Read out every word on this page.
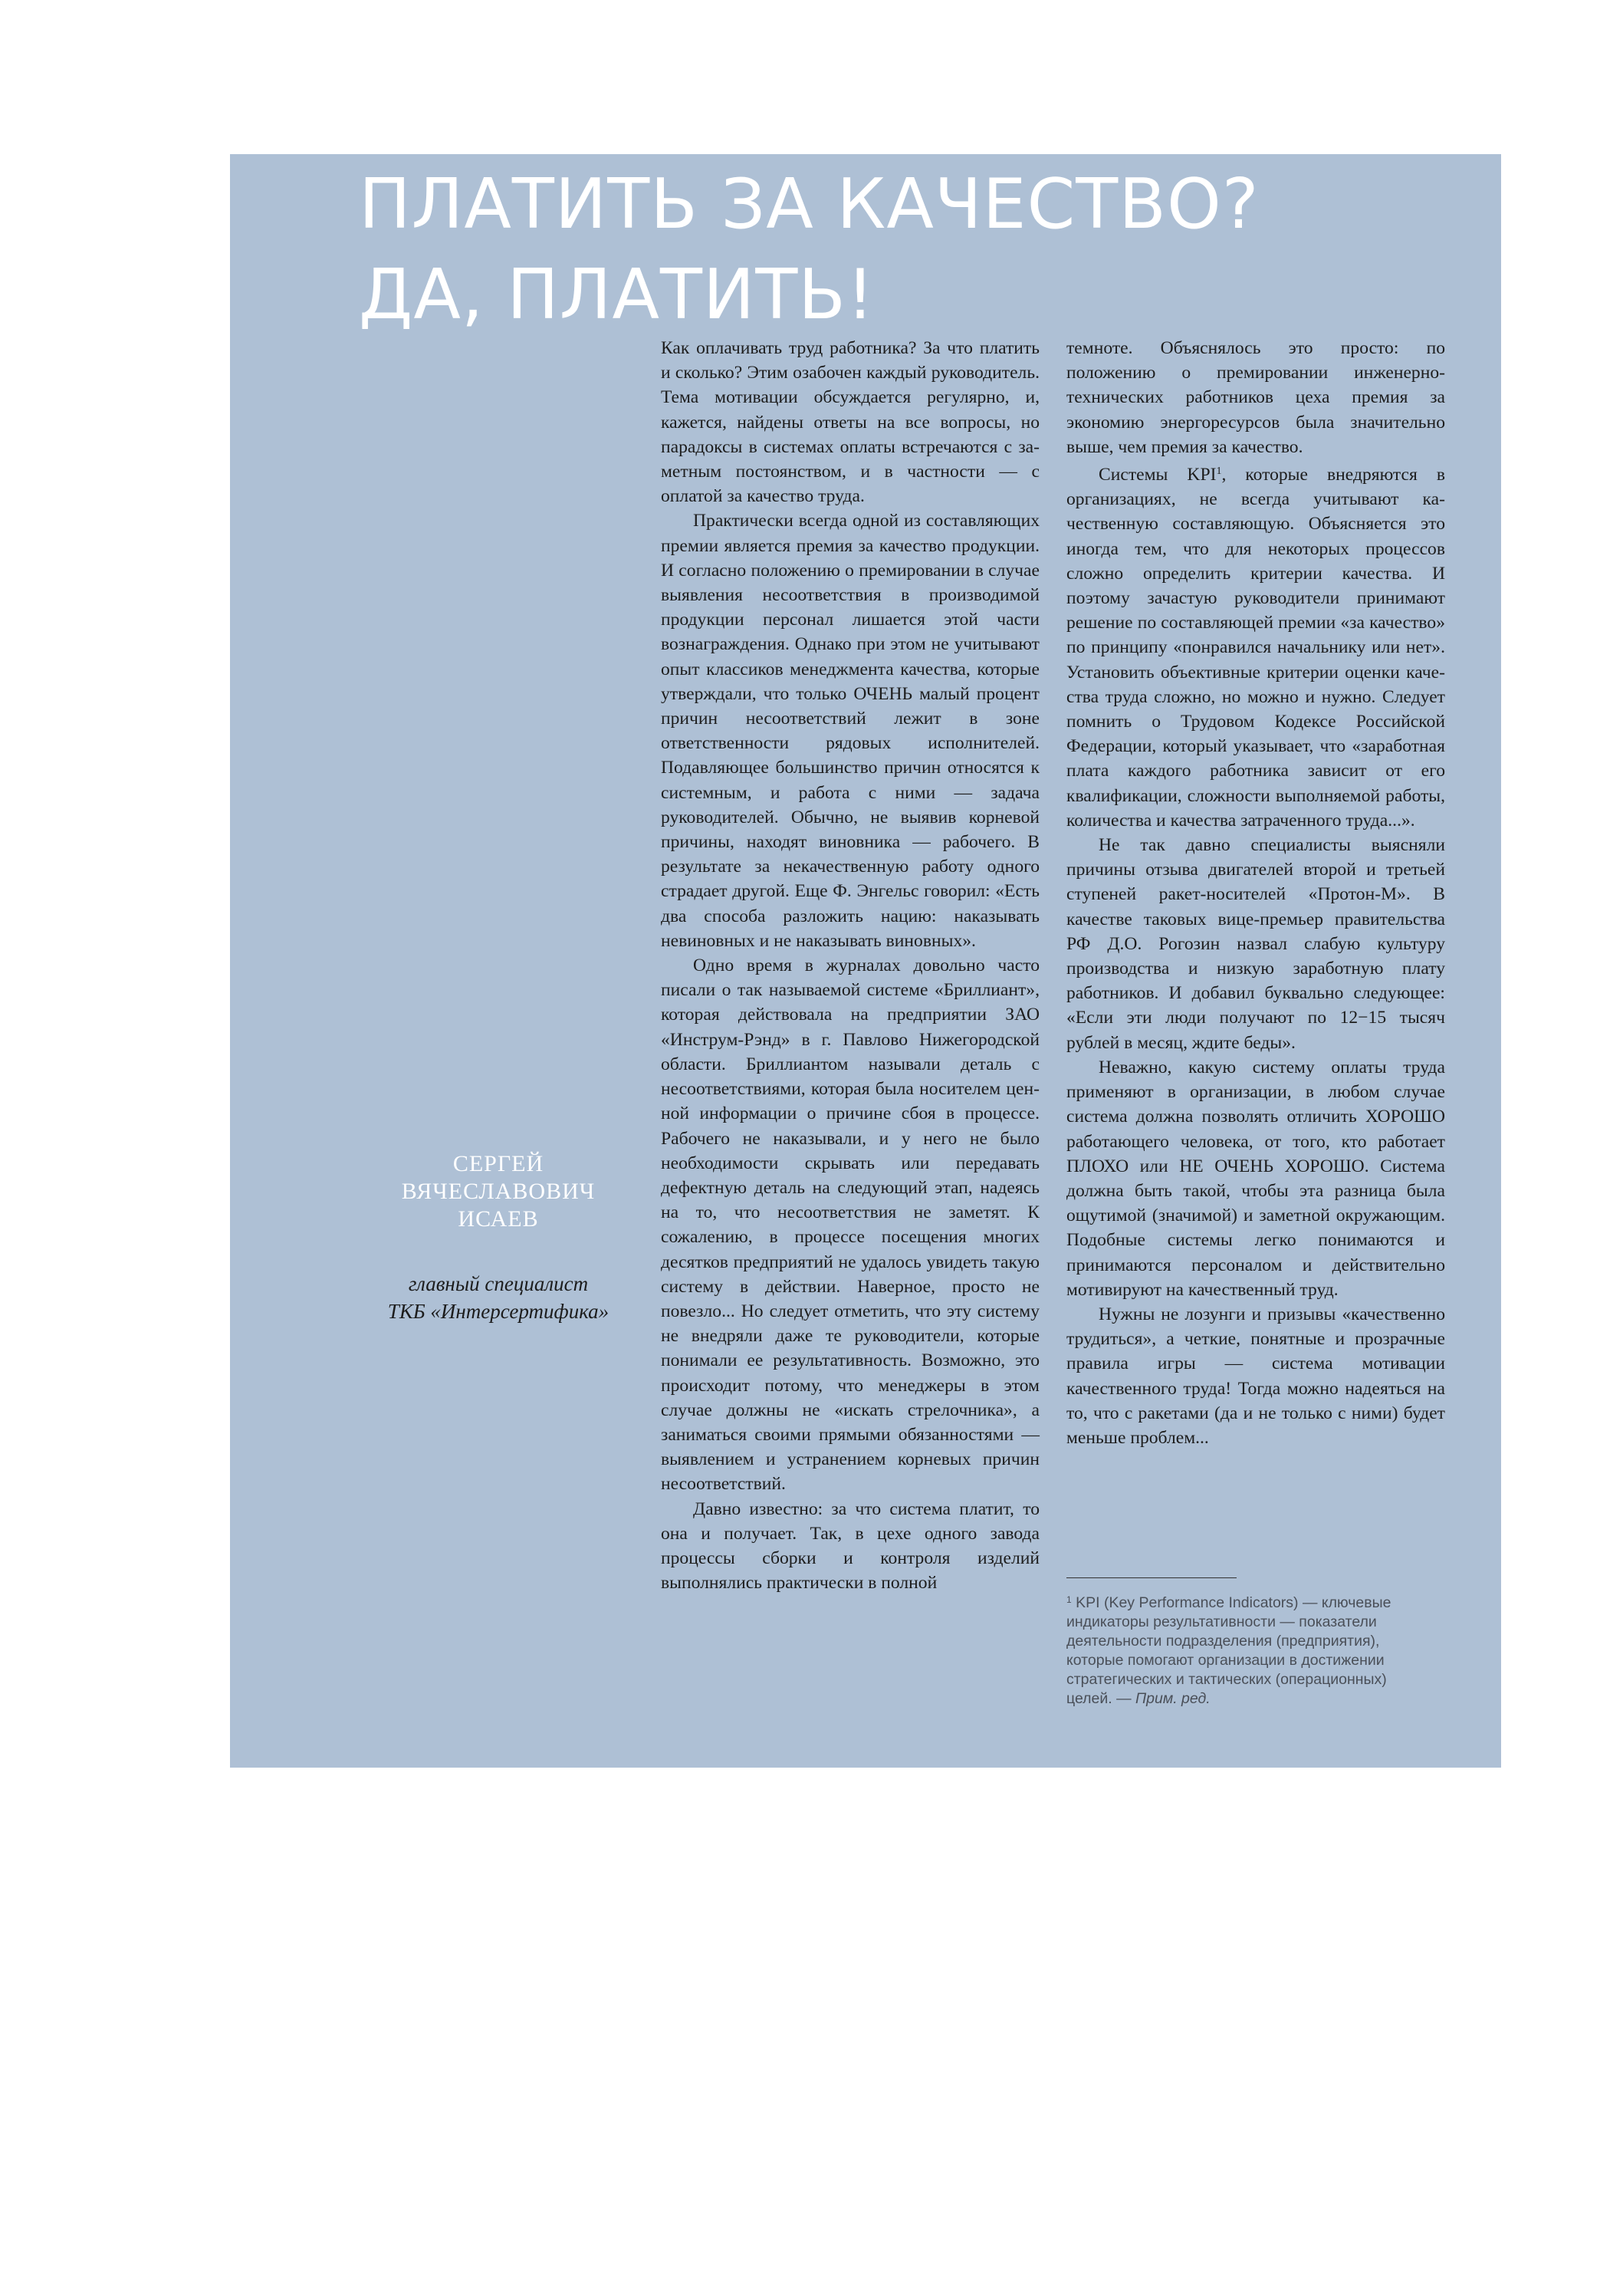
ПЛАТИТЬ ЗА КАЧЕСТВО?
ДА, ПЛАТИТЬ!

СЕРГЕЙ
ВЯЧЕСЛАВОВИЧ
ИСАЕВ

главный специалист
ТКБ «Интерсертифика»

Как оплачивать труд работника? За что платить и сколько? Этим озабочен каждый руководитель. Тема мотивации обсуждается регулярно, и, кажется, найдены ответы на все вопросы, но парадоксы в системах оплаты встречаются с заметным постоянством, и в частности — с оплатой за качество труда.

Практически всегда одной из составляющих премии является премия за качество продукции. И согласно положению о премировании в случае выявления несоответствия в производимой продукции персонал лишается этой части вознаграждения. Однако при этом не учитывают опыт классиков менеджмента качества, которые утверждали, что только ОЧЕНЬ малый процент причин несоответствий лежит в зоне ответственности рядовых исполнителей. Подавляющее большинство причин относятся к системным, и работа с ними — задача руководителей. Обычно, не выявив корневой причины, находят виновника — рабочего. В результате за некачественную работу одного страдает другой. Еще Ф. Энгельс говорил: «Есть два способа разложить нацию: наказывать невиновных и не наказывать виновных».

Одно время в журналах довольно часто писали о так называемой системе «Бриллиант», которая действовала на предприятии ЗАО «Инструм-Рэнд» в г. Павлово Нижегородской области. Бриллиантом называли деталь с несоответствиями, которая была носителем ценной информации о причине сбоя в процессе. Рабочего не наказывали, и у него не было необходимости скрывать или передавать дефектную деталь на следующий этап, надеясь на то, что несоответствия не заметят. К сожалению, в процессе посещения многих десятков предприятий не удалось увидеть такую систему в действии. Наверное, просто не повезло... Но следует отметить, что эту систему не внедряли даже те руководители, которые понимали ее результативность. Возможно, это происходит потому, что менеджеры в этом случае должны не «искать стрелочника», а заниматься своими прямыми обязанностями — выявлением и устранением корневых причин несоответствий.

Давно известно: за что система платит, то она и получает. Так, в цехе одного завода процессы сборки и контроля изделий выполнялись практически в полной

темноте. Объяснялось это просто: по положению о премировании инженерно-технических работников цеха премия за экономию энергоресурсов была значительно выше, чем премия за качество.

Системы KPI$^1$, которые внедряются в организациях, не всегда учитывают качественную составляющую. Объясняется это иногда тем, что для некоторых процессов сложно определить критерии качества. И поэтому зачастую руководители принимают решение по составляющей премии «за качество» по принципу «понравился начальнику или нет». Установить объективные критерии оценки качества труда сложно, но можно и нужно. Следует помнить о Трудовом Кодексе Российской Федерации, который указывает, что «заработная плата каждого работника зависит от его квалификации, сложности выполняемой работы, количества и качества затраченного труда...».

Не так давно специалисты выясняли причины отзыва двигателей второй и третьей ступеней ракет-носителей «Протон-М». В качестве таковых вице-премьер правительства РФ Д.О. Рогозин назвал слабую культуру производства и низкую заработную плату работников. И добавил буквально следующее: «Если эти люди получают по 12−15 тысяч рублей в месяц, ждите беды».

Неважно, какую систему оплаты труда применяют в организации, в любом случае система должна позволять отличить ХОРОШО работающего человека, от того, кто работает ПЛОХО или НЕ ОЧЕНЬ ХОРОШО. Система должна быть такой, чтобы эта разница была ощутимой (значимой) и заметной окружающим. Подобные системы легко понимаются и принимаются персоналом и действительно мотивируют на качественный труд.

Нужны не лозунги и призывы «качественно трудиться», а четкие, понятные и прозрачные правила игры — система мотивации качественного труда! Тогда можно надеяться на то, что с ракетами (да и не только с ними) будет меньше проблем...

$^1$ KPI (Key Performance Indicators) — ключевые индикаторы результативности — показатели деятельности подразделения (предприятия), которые помогают организации в достижении стратегических и тактических (операционных) целей. — Прим. ред.
